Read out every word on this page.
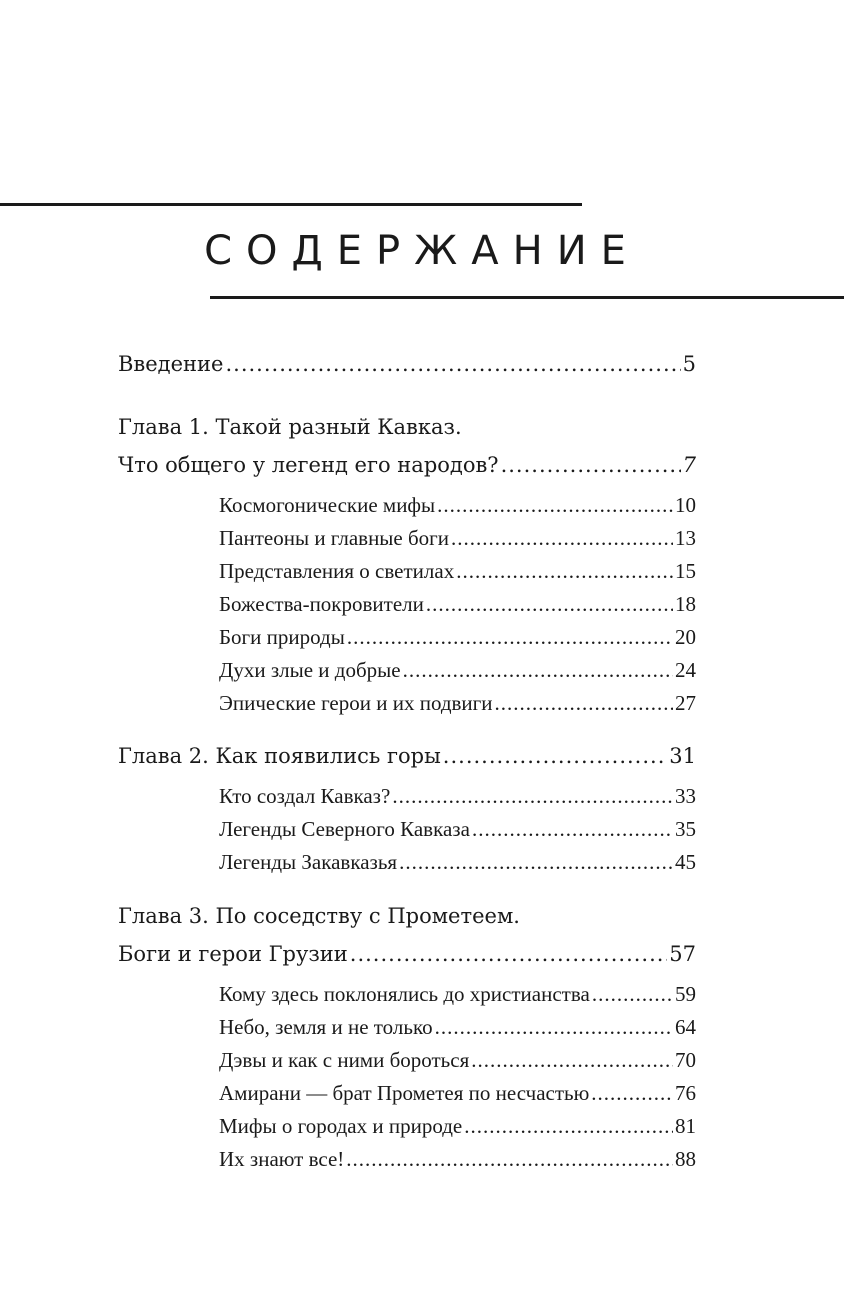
СОДЕРЖАНИЕ
Введение .....	5
Глава 1. Такой разный Кавказ.
Что общего у легенд его народов? .....	7
Космогонические мифы .....	10
Пантеоны и главные боги .....	13
Представления о светилах .....	15
Божества-покровители .....	18
Боги природы .....	20
Духи злые и добрые .....	24
Эпические герои и их подвиги .....	27
Глава 2. Как появились горы .....	31
Кто создал Кавказ? .....	33
Легенды Северного Кавказа .....	35
Легенды Закавказья .....	45
Глава 3. По соседству с Прометеем.
Боги и герои Грузии .....	57
Кому здесь поклонялись до христианства .....	59
Небо, земля и не только .....	64
Дэвы и как с ними бороться .....	70
Амирани — брат Прометея по несчастью .....	76
Мифы о городах и природе .....	81
Их знают все! .....	88
